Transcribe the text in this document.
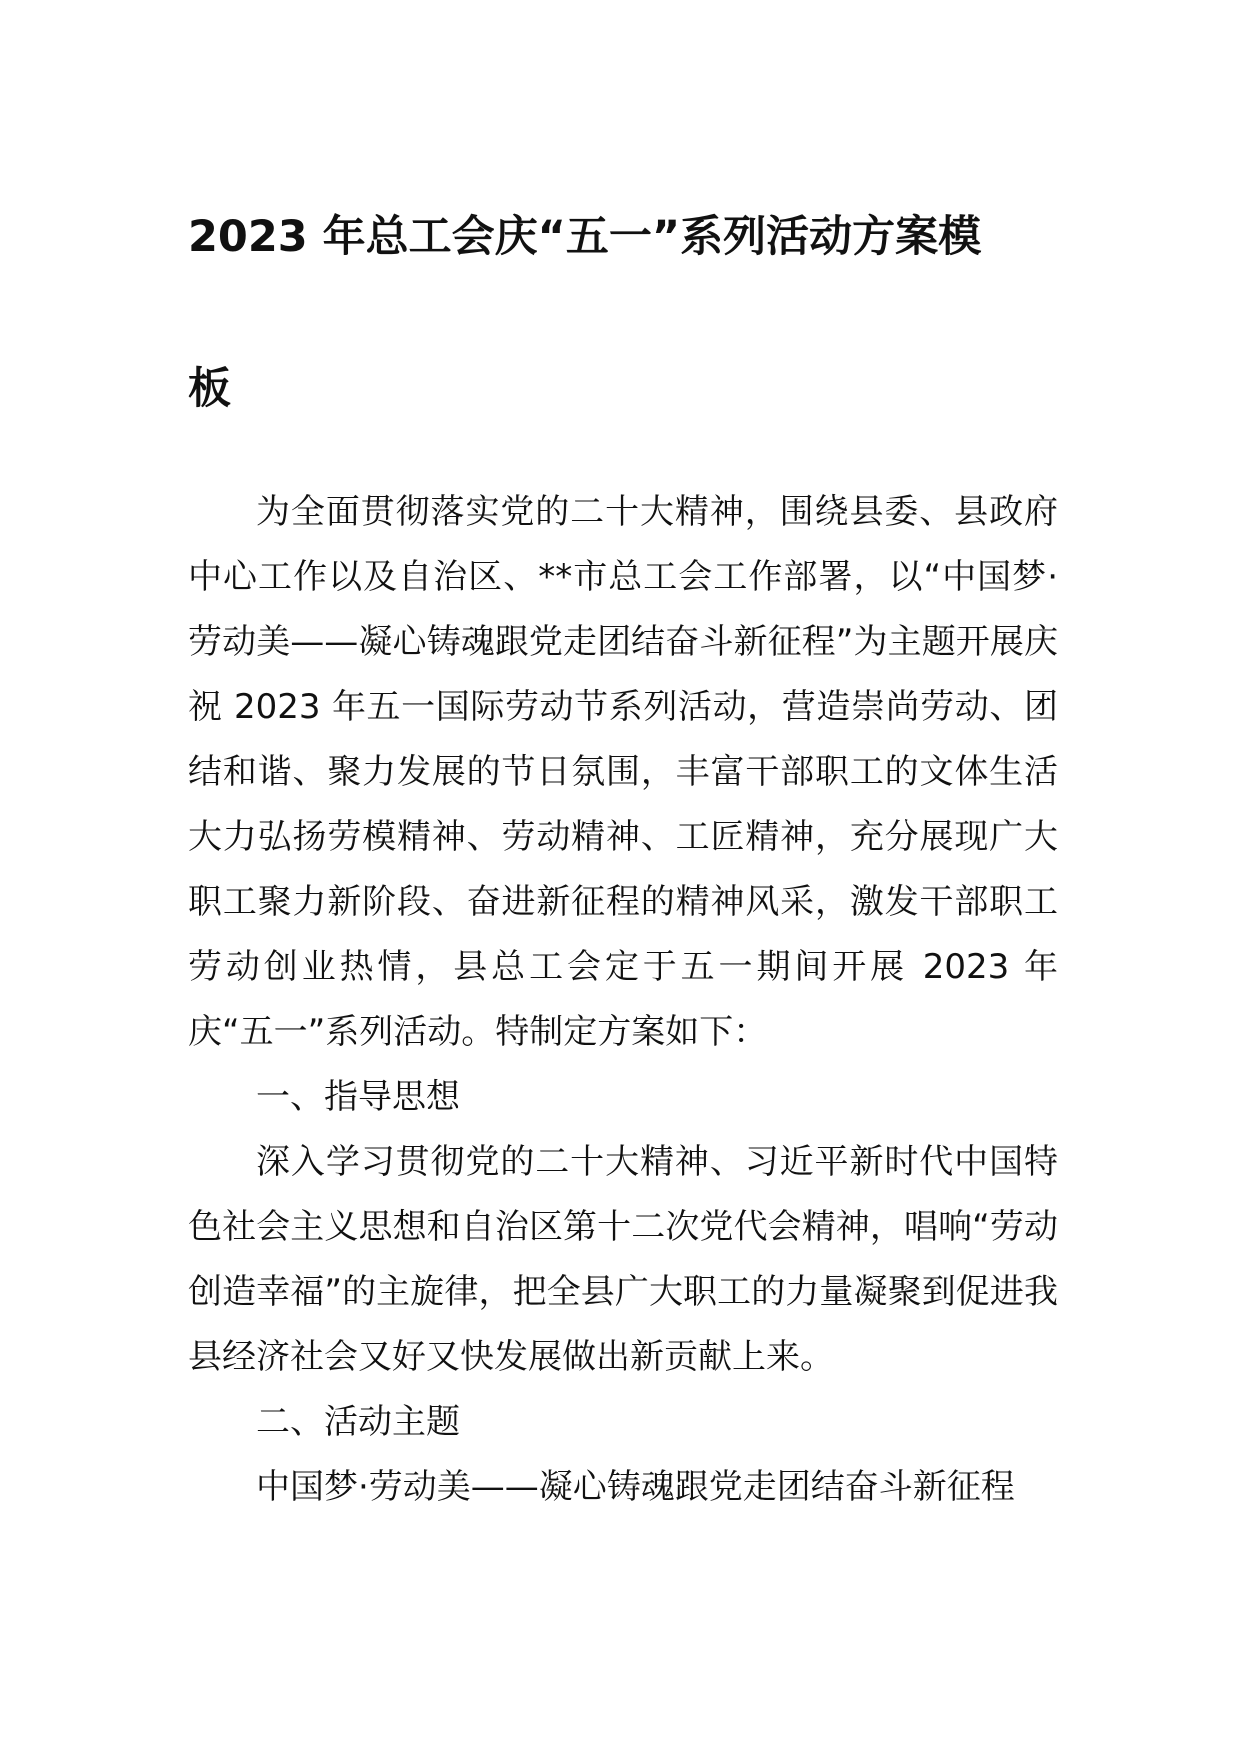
2023 年总工会庆“五一”系列活动方案模
板

为全面贯彻落实党的二十大精神，围绕县委、县政府中心工作以及自治区、**市总工会工作部署，以“中国梦·劳动美——凝心铸魂跟党走团结奋斗新征程”为主题开展庆祝 2023 年五一国际劳动节系列活动，营造崇尚劳动、团结和谐、聚力发展的节日氛围，丰富干部职工的文体生活大力弘扬劳模精神、劳动精神、工匠精神，充分展现广大职工聚力新阶段、奋进新征程的精神风采，激发干部职工劳动创业热情，县总工会定于五一期间开展 2023 年庆“五一”系列活动。特制定方案如下：

一、指导思想

深入学习贯彻党的二十大精神、习近平新时代中国特色社会主义思想和自治区第十二次党代会精神，唱响“劳动创造幸福”的主旋律，把全县广大职工的力量凝聚到促进我县经济社会又好又快发展做出新贡献上来。

二、活动主题

中国梦·劳动美——凝心铸魂跟党走团结奋斗新征程
